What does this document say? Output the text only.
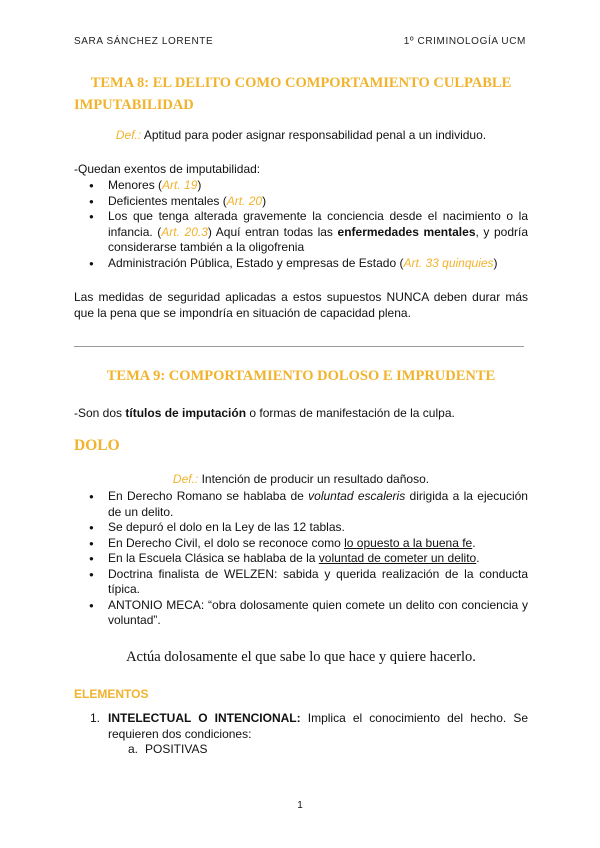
SARA SÁNCHEZ LORENTE	1º CRIMINOLOGÍA UCM
TEMA 8: EL DELITO COMO COMPORTAMIENTO CULPABLE
IMPUTABILIDAD
Def.: Aptitud para poder asignar responsabilidad penal a un individuo.
-Quedan exentos de imputabilidad:
● Menores (Art. 19)
● Deficientes mentales (Art. 20)
● Los que tenga alterada gravemente la conciencia desde el nacimiento o la infancia. (Art. 20.3) Aquí entran todas las enfermedades mentales, y podría considerarse también a la oligofrenia
● Administración Pública, Estado y empresas de Estado (Art. 33 quinquies)
Las medidas de seguridad aplicadas a estos supuestos NUNCA deben durar más que la pena que se impondría en situación de capacidad plena.
TEMA 9: COMPORTAMIENTO DOLOSO E IMPRUDENTE
-Son dos títulos de imputación o formas de manifestación de la culpa.
DOLO
Def.: Intención de producir un resultado dañoso.
● En Derecho Romano se hablaba de voluntad escaleris dirigida a la ejecución de un delito.
● Se depuró el dolo en la Ley de las 12 tablas.
● En Derecho Civil, el dolo se reconoce como lo opuesto a la buena fe.
● En la Escuela Clásica se hablaba de la voluntad de cometer un delito.
● Doctrina finalista de WELZEN: sabida y querida realización de la conducta típica.
● ANTONIO MECA: “obra dolosamente quien comete un delito con conciencia y voluntad”.
Actúa dolosamente el que sabe lo que hace y quiere hacerlo.
ELEMENTOS
1. INTELECTUAL O INTENCIONAL: Implica el conocimiento del hecho. Se requieren dos condiciones:
a. POSITIVAS
1
